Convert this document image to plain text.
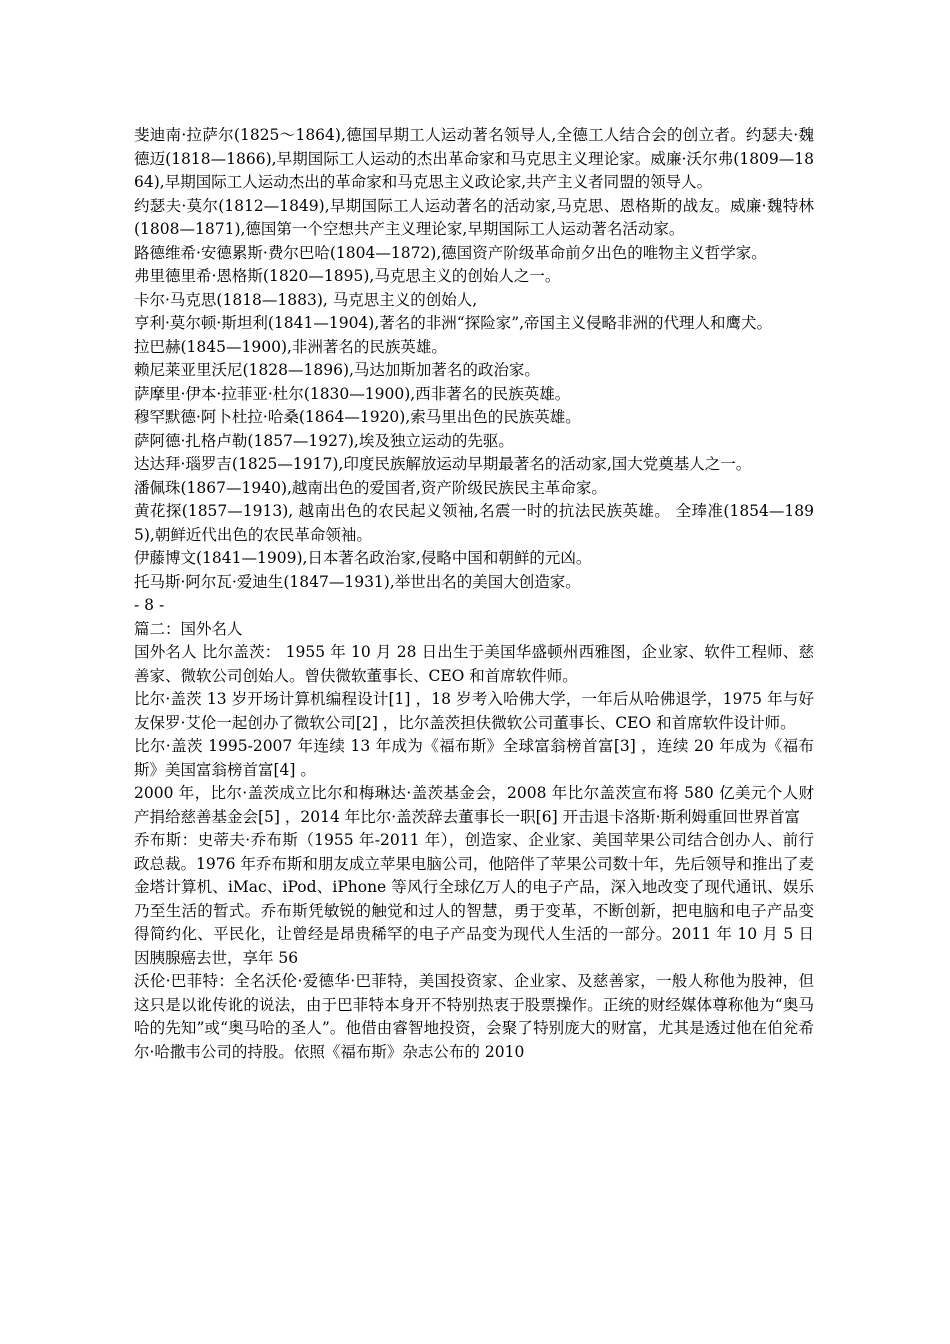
斐迪南·拉萨尔(1825～1864),德国早期工人运动著名领导人,全德工人结合会的创立者。约瑟夫·魏德迈(1818—1866),早期国际工人运动的杰出革命家和马克思主义理论家。威廉·沃尔弗(1809—1864),早期国际工人运动杰出的革命家和马克思主义政论家,共产主义者同盟的领导人。

约瑟夫·莫尔(1812—1849),早期国际工人运动著名的活动家,马克思、恩格斯的战友。威廉·魏特林(1808—1871),德国第一个空想共产主义理论家,早期国际工人运动著名活动家。

路德维希·安德累斯·费尔巴哈(1804—1872),德国资产阶级革命前夕出色的唯物主义哲学家。

弗里德里希·恩格斯(1820—1895),马克思主义的创始人之一。

卡尔·马克思(1818—1883), 马克思主义的创始人,

亨利·莫尔顿·斯坦利(1841—1904),著名的非洲“探险家”,帝国主义侵略非洲的代理人和鹰犬。

拉巴赫(1845—1900),非洲著名的民族英雄。

赖尼莱亚里沃尼(1828—1896),马达加斯加著名的政治家。

萨摩里·伊本·拉菲亚·杜尔(1830—1900),西非著名的民族英雄。

穆罕默德·阿卜杜拉·哈桑(1864—1920),索马里出色的民族英雄。

萨阿德·扎格卢勒(1857—1927),埃及独立运动的先驱。

达达拜·瑙罗吉(1825—1917),印度民族解放运动早期最著名的活动家,国大党奠基人之一。

潘佩珠(1867—1940),越南出色的爱国者,资产阶级民族民主革命家。

黄花探(1857—1913), 越南出色的农民起义领袖,名震一时的抗法民族英雄。 全琫准(1854—1895),朝鲜近代出色的农民革命领袖。

伊藤博文(1841—1909),日本著名政治家,侵略中国和朝鲜的元凶。

托马斯·阿尔瓦·爱迪生(1847—1931),举世出名的美国大创造家。

- 8 -

篇二：国外名人

国外名人 比尔盖茨： 1955 年 10 月 28 日出生于美国华盛顿州西雅图，企业家、软件工程师、慈善家、微软公司创始人。曾伕微软董事长、CEO 和首席软件师。

比尔·盖茨 13 岁开场计算机编程设计[1] ，18 岁考入哈佛大学，一年后从哈佛退学，1975 年与好友保罗·艾伦一起创办了微软公司[2] ，比尔盖茨担伕微软公司董事长、CEO 和首席软件设计师。

比尔·盖茨 1995-2007 年连续 13 年成为《福布斯》全球富翁榜首富[3] ，连续 20 年成为《福布斯》美国富翁榜首富[4] 。

2000 年，比尔·盖茨成立比尔和梅琳达·盖茨基金会，2008 年比尔盖茨宣布将 580 亿美元个人财产捐给慈善基金会[5] ，2014 年比尔·盖茨辞去董事长一职[6] 开击退卡洛斯·斯利姆重回世界首富

乔布斯：史蒂夫·乔布斯（1955 年-2011 年），创造家、企业家、美国苹果公司结合创办人、前行政总裁。1976 年乔布斯和朋友成立苹果电脑公司，他陪伴了苹果公司数十年，先后领导和推出了麦金塔计算机、iMac、iPod、iPhone 等风行全球亿万人的电子产品，深入地改变了现代通讯、娱乐乃至生活的暂式。乔布斯凭敏锐的触觉和过人的智慧，勇于变革，不断创新，把电脑和电子产品变得简约化、平民化，让曾经是昂贵稀罕的电子产品变为现代人生活的一部分。2011 年 10 月 5 日因胰腺癌去世，享年 56

沃伦·巴菲特：全名沃伦·爱德华·巴菲特，美国投资家、企业家、及慈善家，一般人称他为股神，但这只是以讹传讹的说法，由于巴菲特本身开不特别热衷于股票操作。正统的财经媒体尊称他为“奥马哈的先知”或“奥马哈的圣人”。他借由睿智地投资，会聚了特别庞大的财富，尤其是透过他在伯兊希尔·哈撒韦公司的持股。依照《福布斯》杂志公布的 2010
